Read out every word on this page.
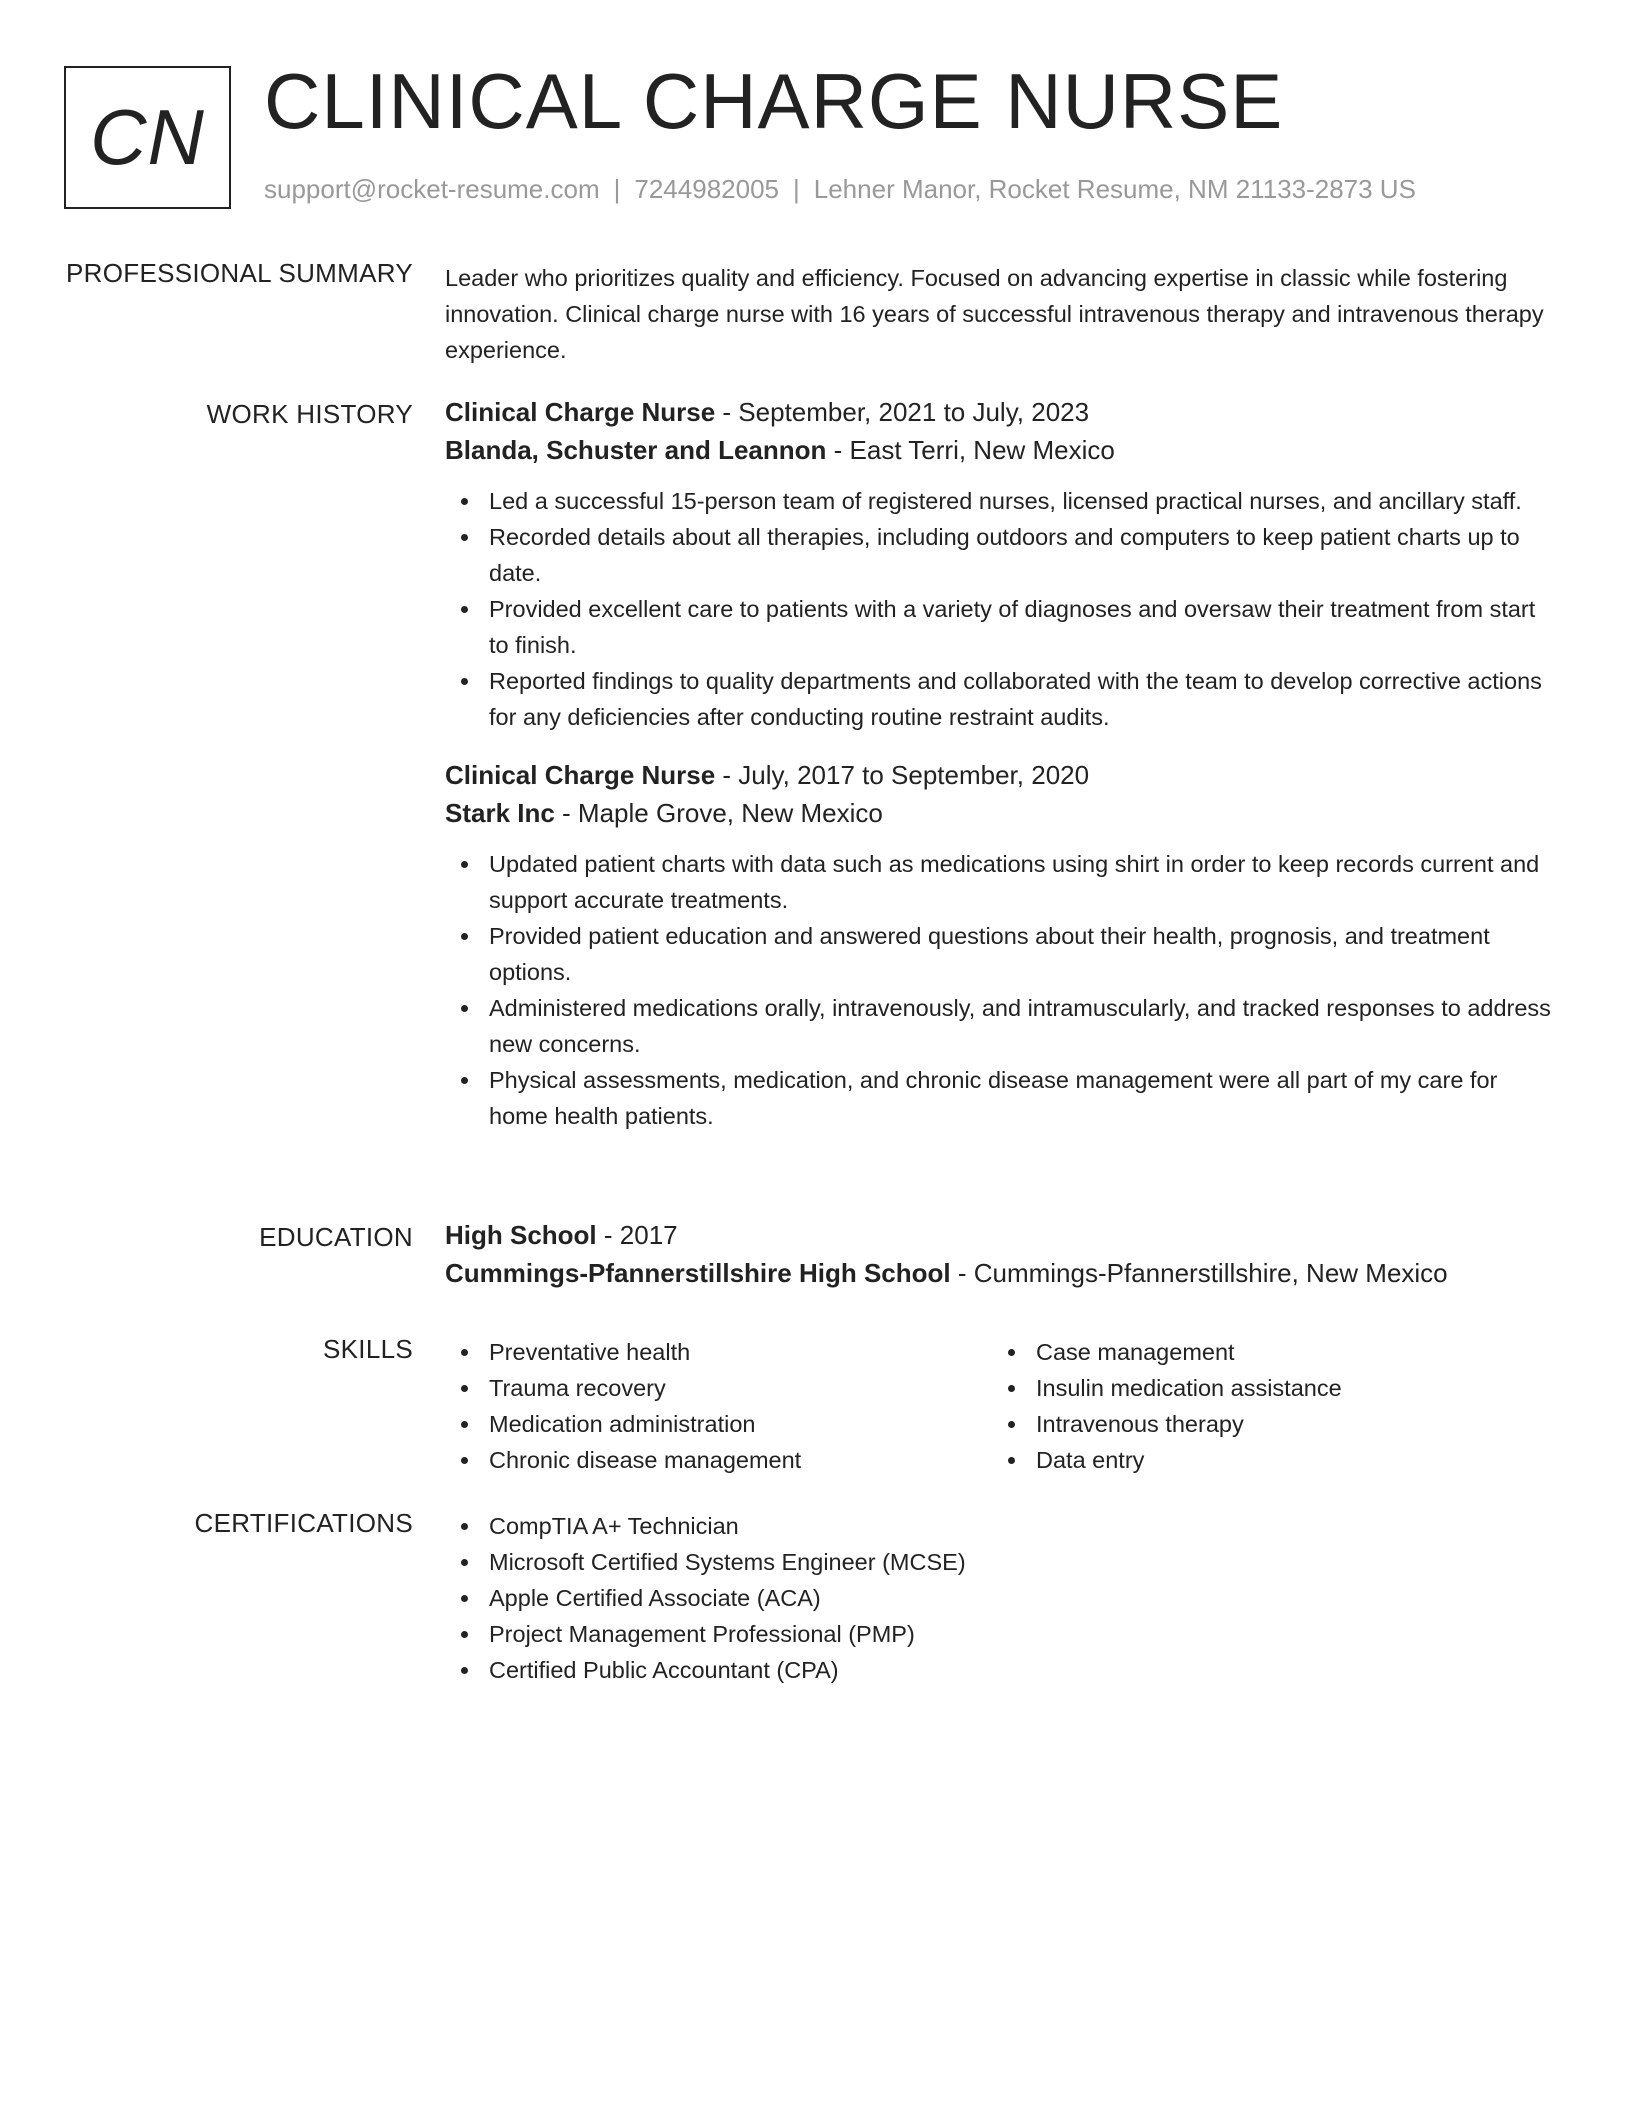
CN CLINICAL CHARGE NURSE
support@rocket-resume.com | 7244982005 | Lehner Manor, Rocket Resume, NM 21133-2873 US
PROFESSIONAL SUMMARY Leader who prioritizes quality and efficiency. Focused on advancing expertise in classic while fostering innovation. Clinical charge nurse with 16 years of successful intravenous therapy and intravenous therapy experience.

WORK HISTORY Clinical Charge Nurse - September, 2021 to July, 2023
Blanda, Schuster and Leannon - East Terri, New Mexico
Led a successful 15-person team of registered nurses, licensed practical nurses, and ancillary staff.
Recorded details about all therapies, including outdoors and computers to keep patient charts up to date.
Provided excellent care to patients with a variety of diagnoses and oversaw their treatment from start to finish.
Reported findings to quality departments and collaborated with the team to develop corrective actions for any deficiencies after conducting routine restraint audits.
Clinical Charge Nurse - July, 2017 to September, 2020
Stark Inc - Maple Grove, New Mexico
Updated patient charts with data such as medications using shirt in order to keep records current and support accurate treatments.
Provided patient education and answered questions about their health, prognosis, and treatment options.
Administered medications orally, intravenously, and intramuscularly, and tracked responses to address new concerns.
Physical assessments, medication, and chronic disease management were all part of my care for home health patients.
EDUCATION High School - 2017
Cummings-Pfannerstillshire High School - Cummings-Pfannerstillshire, New Mexico
SKILLS	Preventative health
Trauma recovery
Medication administration
Chronic disease management
Case management
Insulin medication assistance
Intravenous therapy
Data entry
CERTIFICATIONS	CompTIA A+ Technician
Microsoft Certified Systems Engineer (MCSE)
Apple Certified Associate (ACA)
Project Management Professional (PMP)
Certified Public Accountant (CPA)
